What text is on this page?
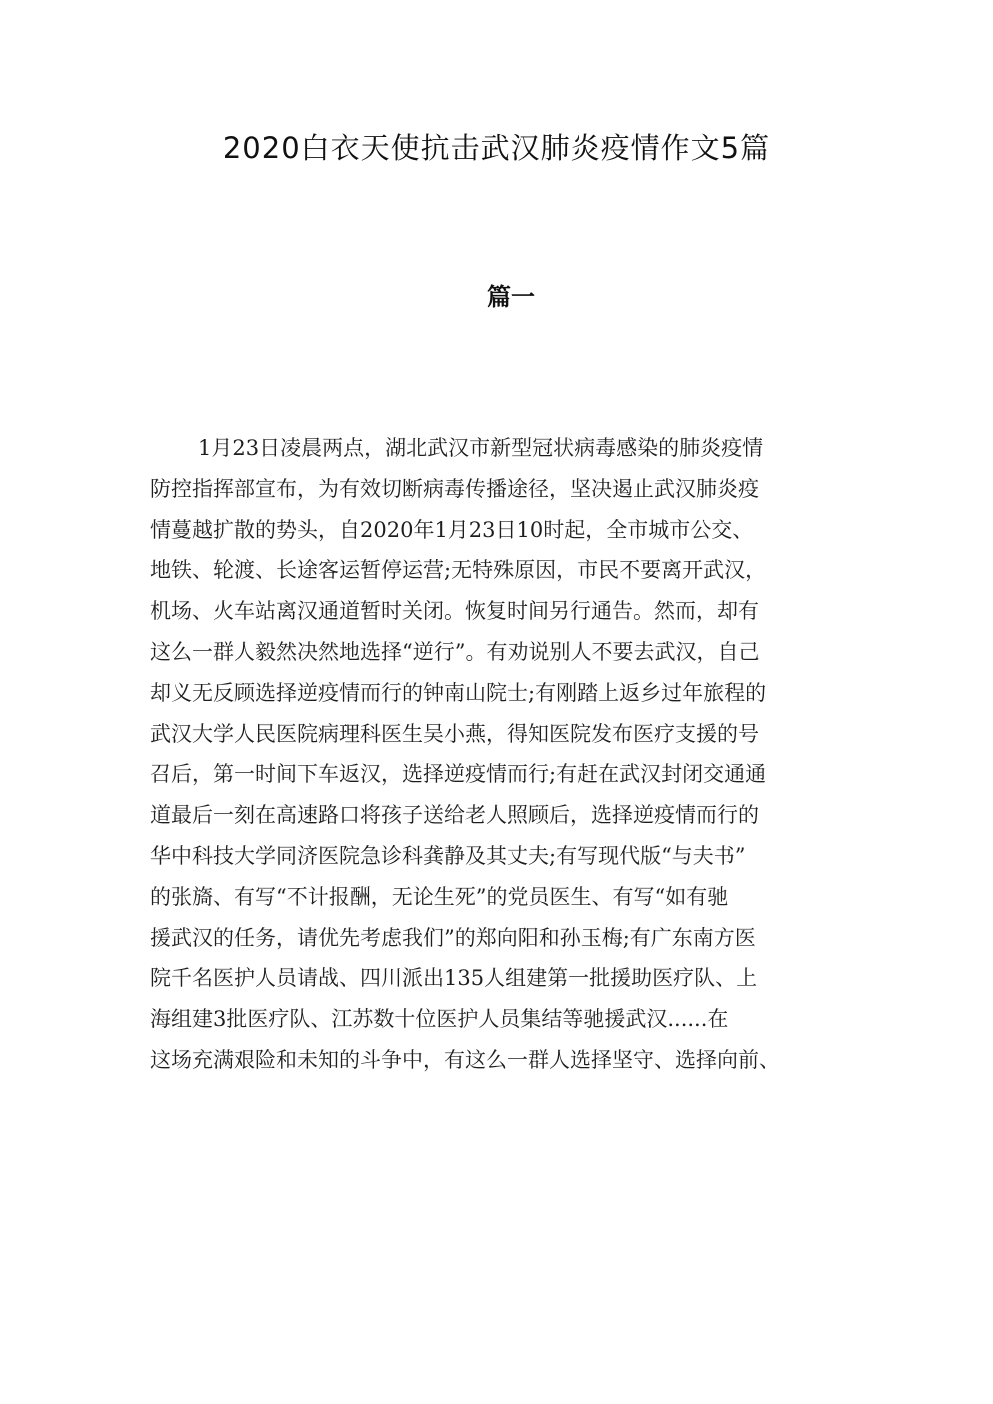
2020白衣天使抗击武汉肺炎疫情作文5篇
篇一
1月23日凌晨两点，湖北武汉市新型冠状病毒感染的肺炎疫情
防控指挥部宣布，为有效切断病毒传播途径，坚决遏止武汉肺炎疫
情蔓越扩散的势头，自2020年1月23日10时起，全市城市公交、
地铁、轮渡、长途客运暂停运营;无特殊原因，市民不要离开武汉，
机场、火车站离汉通道暂时关闭。恢复时间另行通告。然而，却有
这么一群人毅然决然地选择“逆行”。有劝说别人不要去武汉，自己
却义无反顾选择逆疫情而行的钟南山院士;有刚踏上返乡过年旅程的
武汉大学人民医院病理科医生吴小燕，得知医院发布医疗支援的号
召后，第一时间下车返汉，选择逆疫情而行;有赶在武汉封闭交通通
道最后一刻在高速路口将孩子送给老人照顾后，选择逆疫情而行的
华中科技大学同济医院急诊科龚静及其丈夫;有写现代版“与夫书”
的张旖、有写“不计报酬，无论生死”的党员医生、有写“如有驰
援武汉的任务，请优先考虑我们”的郑向阳和孙玉梅;有广东南方医
院千名医护人员请战、四川派出135人组建第一批援助医疗队、上
海组建3批医疗队、江苏数十位医护人员集结等驰援武汉......在
这场充满艰险和未知的斗争中，有这么一群人选择坚守、选择向前、
